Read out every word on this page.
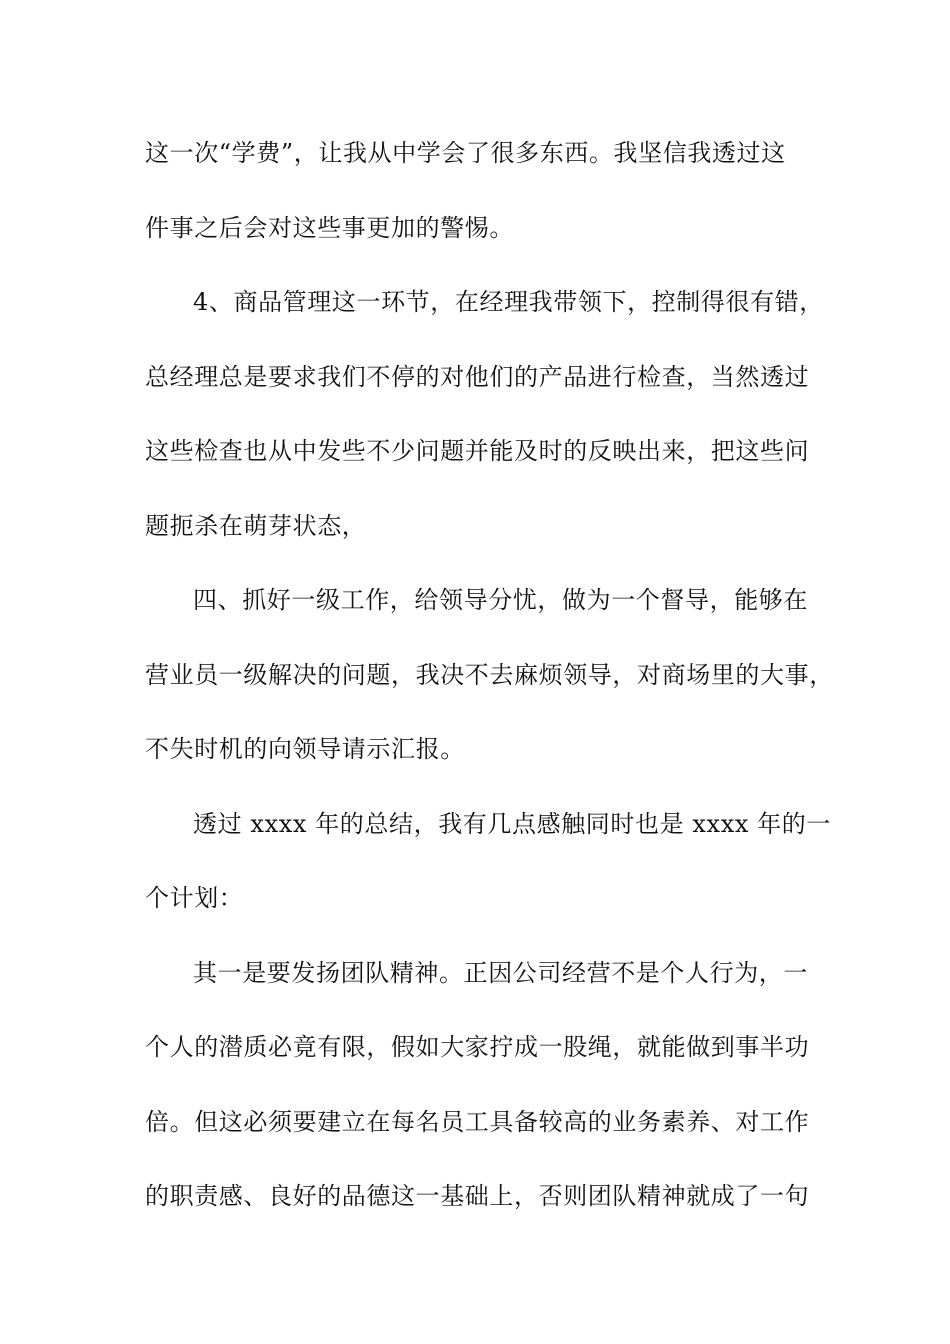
这一次“学费”，让我从中学会了很多东西。我坚信我透过这
件事之后会对这些事更加的警惕。
4、商品管理这一环节，在经理我带领下，控制得很有错，
总经理总是要求我们不停的对他们的产品进行检查，当然透过
这些检查也从中发些不少问题并能及时的反映出来，把这些问
题扼杀在萌芽状态，
四、抓好一级工作，给领导分忧，做为一个督导，能够在
营业员一级解决的问题，我决不去麻烦领导，对商场里的大事，
不失时机的向领导请示汇报。
透过 xxxx 年的总结，我有几点感触同时也是 xxxx 年的一
个计划：
其一是要发扬团队精神。正因公司经营不是个人行为，一
个人的潜质必竟有限，假如大家拧成一股绳，就能做到事半功
倍。但这必须要建立在每名员工具备较高的业务素养、对工作
的职责感、良好的品德这一基础上，否则团队精神就成了一句
